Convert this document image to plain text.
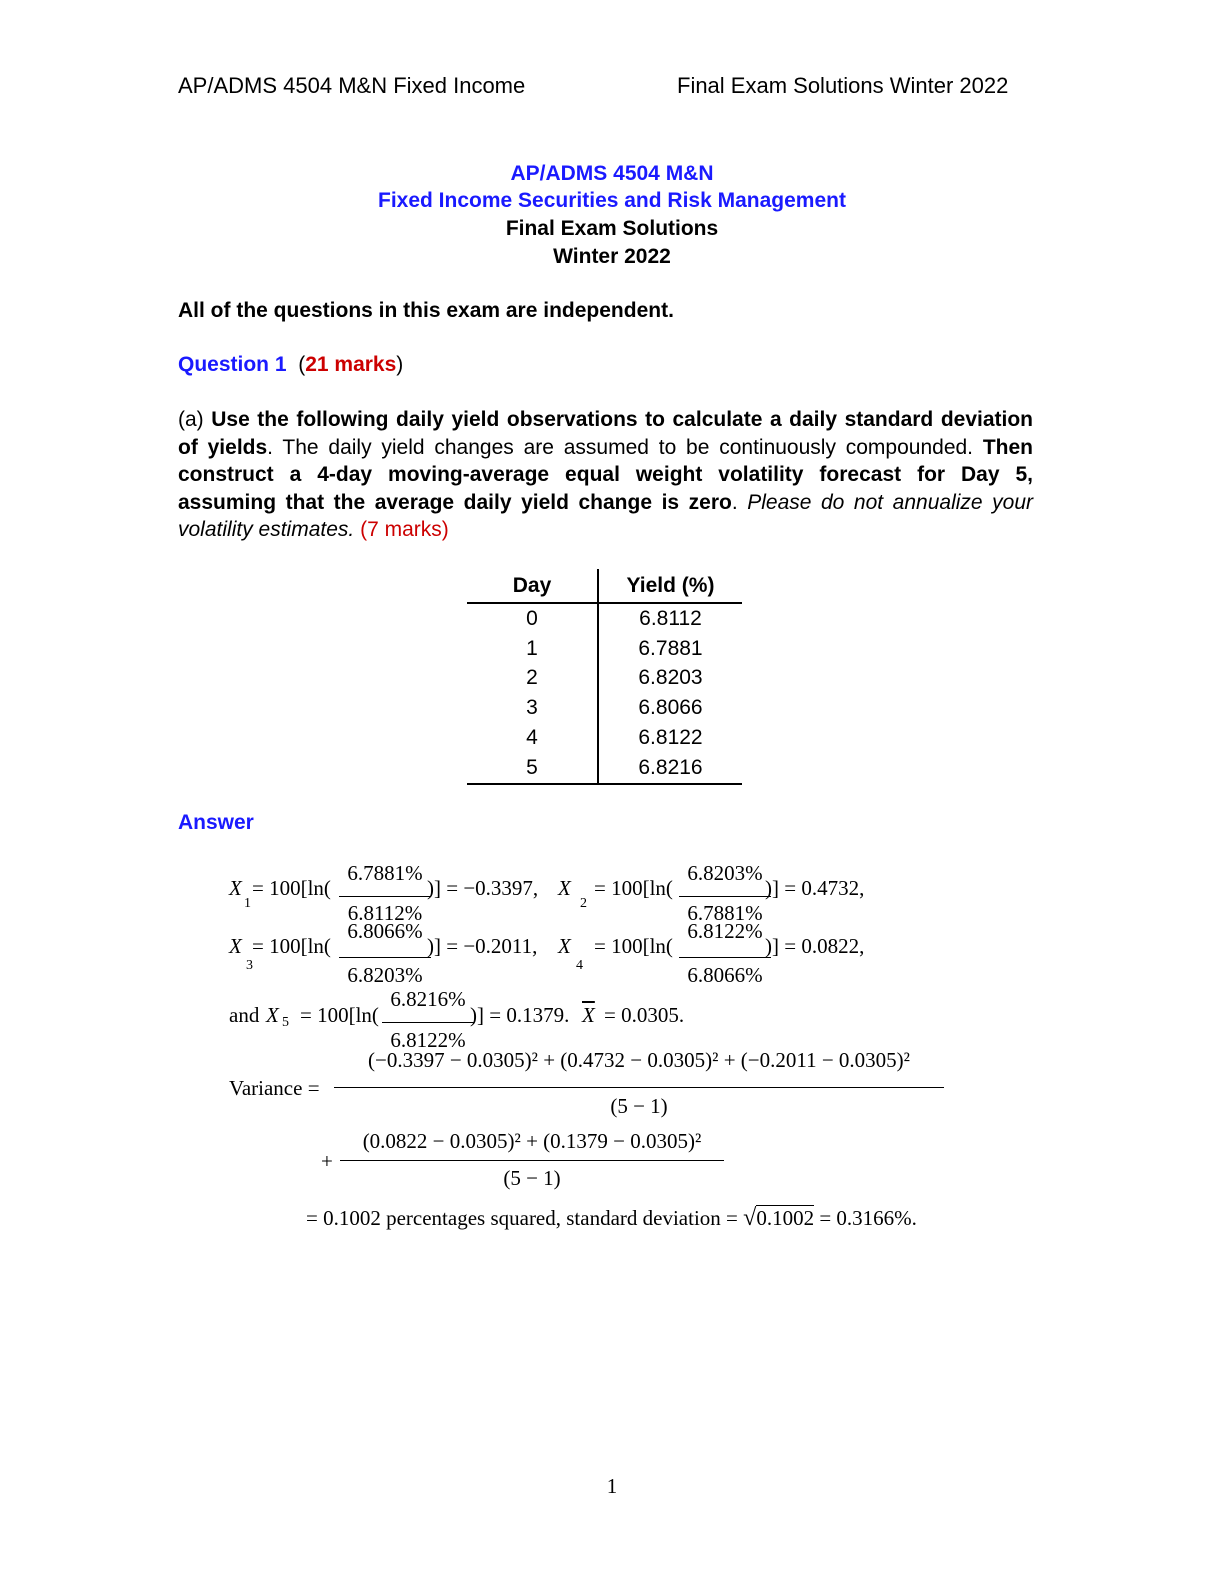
AP/ADMS 4504 M&N Fixed Income	Final Exam Solutions Winter 2022
AP/ADMS 4504 M&N
Fixed Income Securities and Risk Management
Final Exam Solutions
Winter 2022
All of the questions in this exam are independent.
Question 1 (21 marks)
(a) Use the following daily yield observations to calculate a daily standard deviation of yields. The daily yield changes are assumed to be continuously compounded. Then construct a 4-day moving-average equal weight volatility forecast for Day 5, assuming that the average daily yield change is zero. Please do not annualize your volatility estimates. (7 marks)
Day	Yield (%)
0	6.8112
1	6.7881
2	6.8203
3	6.8066
4	6.8122
5	6.8216
Answer
X
1
= 100[ln(
6.7881%
6.8112%
)] = −0.3397, X
2
= 100[ln(
6.8203%
6.7881%
)] = 0.4732,
X
3
= 100[ln(
6.8066%
6.8203%
)] = −0.2011, X
4
= 100[ln(
6.8122%
6.8066%
)] = 0.0822,
and X 5 = 100[ln(
6.8216%
6.8122%
)] = 0.1379. $\overline{X} = 0.0305$.
Variance =
(−0.3397 − 0.0305)² + (0.4732 − 0.0305)² + (−0.2011 − 0.0305)²
(5 − 1)
+
(0.0822 − 0.0305)² + (0.1379 − 0.0305)²
(5 − 1)
= 0.1002 percentages squared, standard deviation = √0.1002 = 0.3166%.
1
